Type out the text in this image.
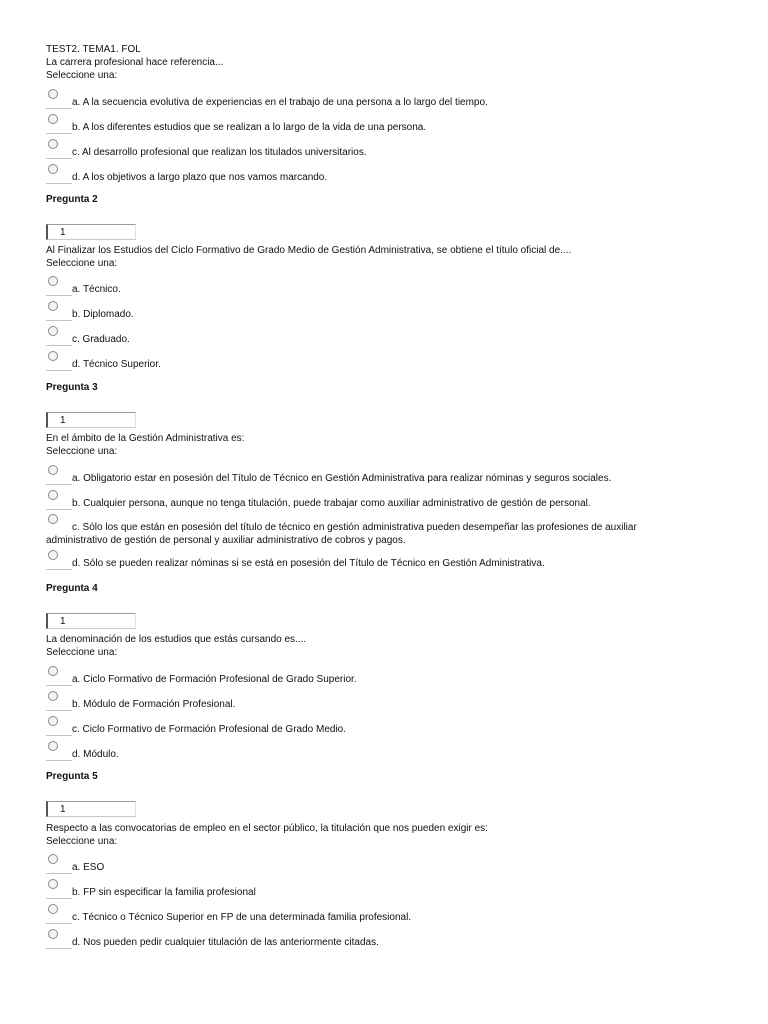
TEST2. TEMA1. FOL
La carrera profesional hace referencia...
Seleccione una:
a. A la secuencia evolutiva de experiencias en el trabajo de una persona a lo largo del tiempo.
b. A los diferentes estudios que se realizan a lo largo de la vida de una persona.
c. Al desarrollo profesional que realizan los titulados universitarios.
d. A los objetivos a largo plazo que nos vamos marcando.
Pregunta 2
1
Al Finalizar los Estudios del Ciclo Formativo de Grado Medio de Gestión Administrativa, se obtiene el título oficial de....
Seleccione una:
a. Técnico.
b. Diplomado.
c. Graduado.
d. Técnico Superior.
Pregunta 3
1
En el ámbito de la Gestión Administrativa es:
Seleccione una:
a. Obligatorio estar en posesión del Título de Técnico en Gestión Administrativa para realizar nóminas y seguros sociales.
b. Cualquier persona, aunque no tenga titulación, puede trabajar como auxiliar administrativo de gestión de personal.
c. Sólo los que están en posesión del título de técnico en gestión administrativa pueden desempeñar las profesiones de auxiliar
administrativo de gestión de personal y auxiliar administrativo de cobros y pagos.
d. Sólo se pueden realizar nóminas si se está en posesión del Título de Técnico en Gestión Administrativa.
Pregunta 4
1
La denominación de los estudios que estás cursando es....
Seleccione una:
a. Ciclo Formativo de Formación Profesional de Grado Superior.
b. Módulo de Formación Profesional.
c. Ciclo Formativo de Formación Profesional de Grado Medio.
d. Módulo.
Pregunta 5
1
Respecto a las convocatorias de empleo en el sector público, la titulación que nos pueden exigir es:
Seleccione una:
a. ESO
b. FP sin especificar la familia profesional
c. Técnico o Técnico Superior en FP de una determinada familia profesional.
d. Nos pueden pedir cualquier titulación de las anteriormente citadas.
